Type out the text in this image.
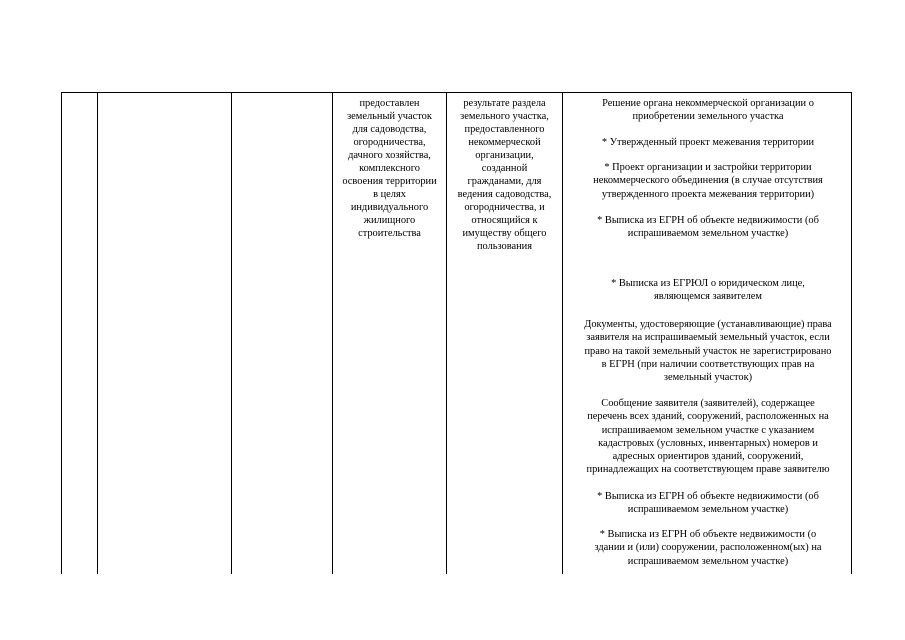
предоставлен
земельный участок
для садоводства,
огородничества,
дачного хозяйства,
комплексного
освоения территории
в целях
индивидуального
жилищного
строительства
результате раздела
земельного участка,
предоставленного
некоммерческой
организации,
созданной
гражданами, для
ведения садоводства,
огородничества, и
относящийся к
имуществу общего
пользования
Решение органа некоммерческой организации о
приобретении земельного участка
* Утвержденный проект межевания территории
* Проект организации и застройки территории
некоммерческого объединения (в случае отсутствия
утвержденного проекта межевания территории)
* Выписка из ЕГРН об объекте недвижимости (об
испрашиваемом земельном участке)
* Выписка из ЕГРЮЛ о юридическом лице,
являющемся заявителем
Документы, удостоверяющие (устанавливающие) права
заявителя на испрашиваемый земельный участок, если
право на такой земельный участок не зарегистрировано
в ЕГРН (при наличии соответствующих прав на
земельный участок)
Сообщение заявителя (заявителей), содержащее
перечень всех зданий, сооружений, расположенных на
испрашиваемом земельном участке с указанием
кадастровых (условных, инвентарных) номеров и
адресных ориентиров зданий, сооружений,
принадлежащих на соответствующем праве заявителю
* Выписка из ЕГРН об объекте недвижимости (об
испрашиваемом земельном участке)
* Выписка из ЕГРН об объекте недвижимости (о
здании и (или) сооружении, расположенном(ых) на
испрашиваемом земельном участке)
